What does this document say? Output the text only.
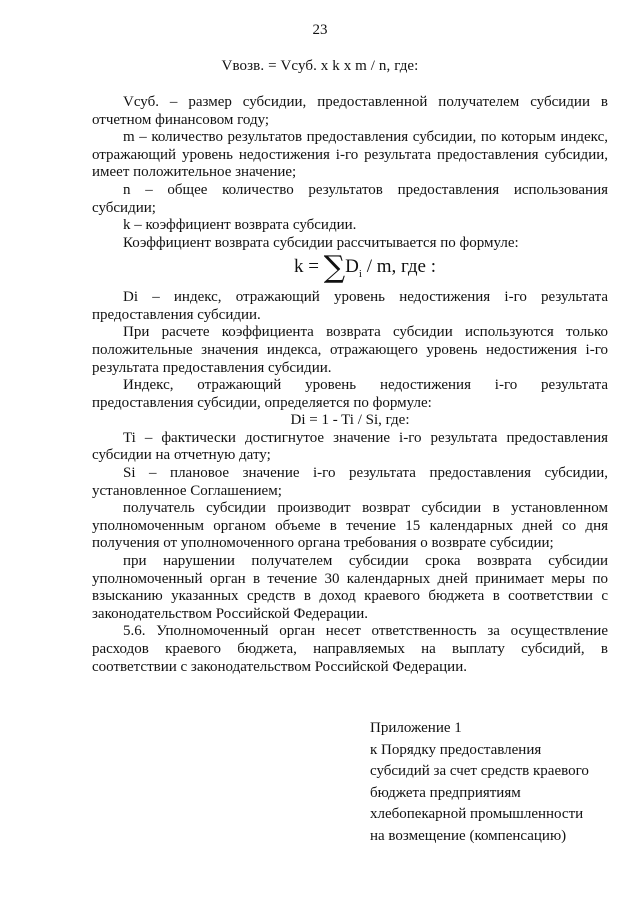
23
Vвозв. = Vсуб. x k x m / n, где:

Vсуб. – размер субсидии, предоставленной получателем субсидии в отчетном финансовом году;

m – количество результатов предоставления субсидии, по которым индекс, отражающий уровень недостижения i-го результата предоставления субсидии, имеет положительное значение;

n – общее количество результатов предоставления использования субсидии;

k – коэффициент возврата субсидии.

Коэффициент возврата субсидии рассчитывается по формуле:

$k = \sum D_i / m$, где :

Di – индекс, отражающий уровень недостижения i-го результата предоставления субсидии.

При расчете коэффициента возврата субсидии используются только положительные значения индекса, отражающего уровень недостижения i-го результата предоставления субсидии.

Индекс, отражающий уровень недостижения i-го результата предоставления субсидии, определяется по формуле:

Di = 1 - Ti / Si, где:

Ti – фактически достигнутое значение i-го результата предоставления субсидии на отчетную дату;

Si – плановое значение i-го результата предоставления субсидии, установленное Соглашением;

получатель субсидии производит возврат субсидии в установленном уполномоченным органом объеме в течение 15 календарных дней со дня получения от уполномоченного органа требования о возврате субсидии;

при нарушении получателем субсидии срока возврата субсидии уполномоченный орган в течение 30 календарных дней принимает меры по взысканию указанных средств в доход краевого бюджета в соответствии с законодательством Российской Федерации.

5.6. Уполномоченный орган несет ответственность за осуществление расходов краевого бюджета, направляемых на выплату субсидий, в соответствии с законодательством Российской Федерации.

Приложение 1
к Порядку предоставления
субсидий за счет средств краевого
бюджета предприятиям
хлебопекарной промышленности
на возмещение (компенсацию)
